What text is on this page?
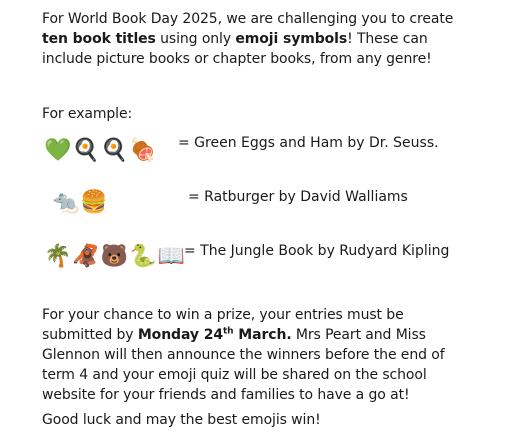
For World Book Day 2025, we are challenging you to create ten book titles using only emoji symbols! These can include picture books or chapter books, from any genre!
For example:
💚🍳🍳🍖 = Green Eggs and Ham by Dr. Seuss.
🐀🍔	= Ratburger by David Walliams
🌴🦧🐻🐍📖
= The Jungle Book by Rudyard Kipling
For your chance to win a prize, your entries must be submitted by Monday 24th March. Mrs Peart and Miss Glennon will then announce the winners before the end of term 4 and your emoji quiz will be shared on the school website for your friends and families to have a go at!
Good luck and may the best emojis win!
